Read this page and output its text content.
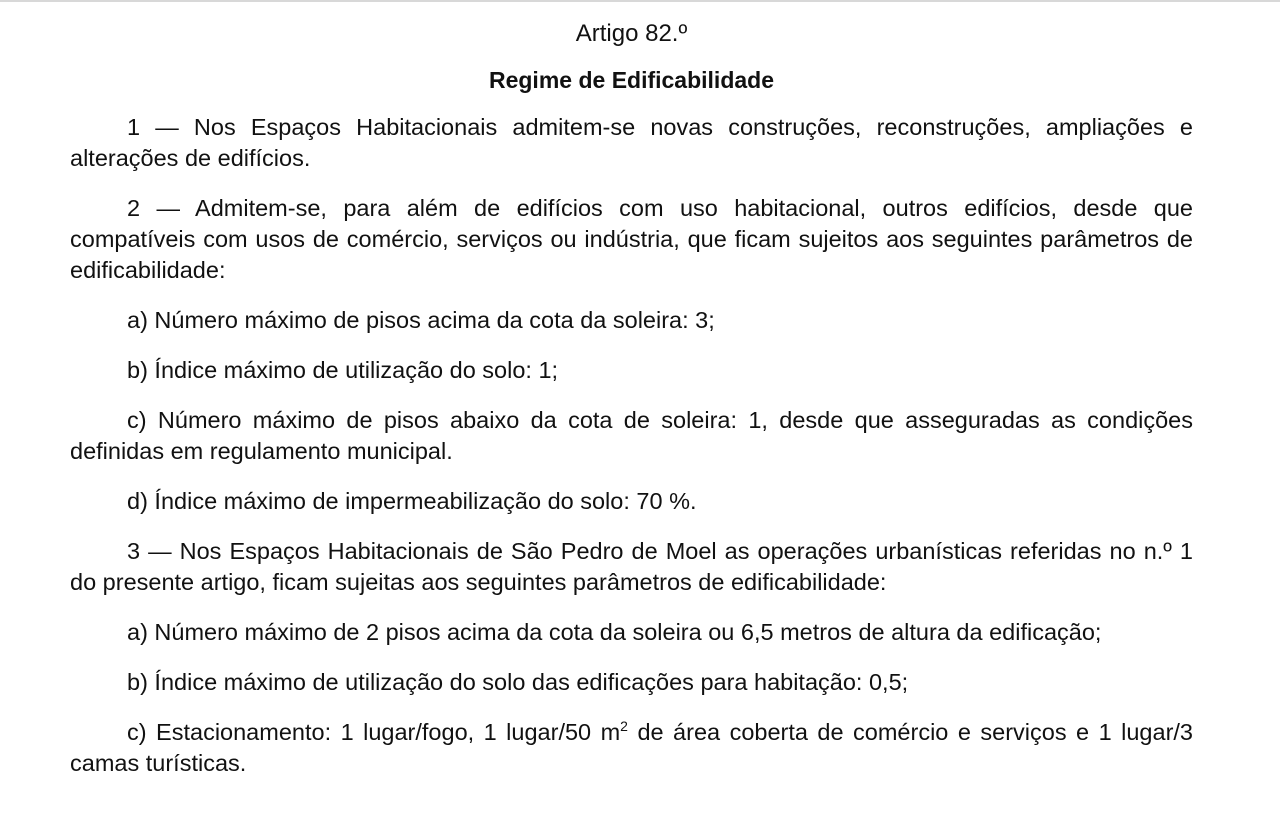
Artigo 82.º

Regime de Edificabilidade

1 — Nos Espaços Habitacionais admitem-se novas construções, reconstruções, ampliações e alterações de edifícios.

2 — Admitem-se, para além de edifícios com uso habitacional, outros edifícios, desde que compatíveis com usos de comércio, serviços ou indústria, que ficam sujeitos aos seguintes parâmetros de edificabilidade:

a) Número máximo de pisos acima da cota da soleira: 3;

b) Índice máximo de utilização do solo: 1;

c) Número máximo de pisos abaixo da cota de soleira: 1, desde que asseguradas as condições definidas em regulamento municipal.

d) Índice máximo de impermeabilização do solo: 70 %.

3 — Nos Espaços Habitacionais de São Pedro de Moel as operações urbanísticas referidas no n.º 1 do presente artigo, ficam sujeitas aos seguintes parâmetros de edificabilidade:

a) Número máximo de 2 pisos acima da cota da soleira ou 6,5 metros de altura da edificação;

b) Índice máximo de utilização do solo das edificações para habitação: 0,5;

c) Estacionamento: 1 lugar/fogo, 1 lugar/50 $m^2$ de área coberta de comércio e serviços e 1 lugar/3 camas turísticas.
